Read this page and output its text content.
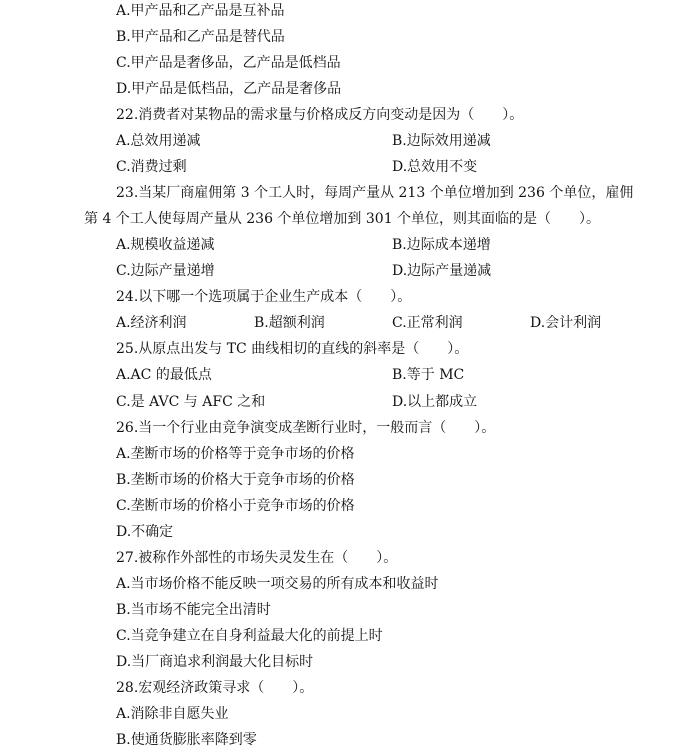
A.甲产品和乙产品是互补品
B.甲产品和乙产品是替代品
C.甲产品是奢侈品，乙产品是低档品
D.甲产品是低档品，乙产品是奢侈品
22.消费者对某物品的需求量与价格成反方向变动是因为（　　）。
A.总效用递减	B.边际效用递减
C.消费过剩	D.总效用不变
23.当某厂商雇佣第 3 个工人时，每周产量从 213 个单位增加到 236 个单位，雇佣
第 4 个工人使每周产量从 236 个单位增加到 301 个单位，则其面临的是（　　）。
A.规模收益递减	B.边际成本递增
C.边际产量递增	D.边际产量递减
24.以下哪一个选项属于企业生产成本（　　）。
A.经济利润	B.超额利润	C.正常利润	D.会计利润
25.从原点出发与 TC 曲线相切的直线的斜率是（　　）。
A.AC 的最低点	B.等于 MC
C.是 AVC 与 AFC 之和	D.以上都成立
26.当一个行业由竞争演变成垄断行业时，一般而言（　　）。
A.垄断市场的价格等于竞争市场的价格
B.垄断市场的价格大于竞争市场的价格
C.垄断市场的价格小于竞争市场的价格
D.不确定
27.被称作外部性的市场失灵发生在（　　）。
A.当市场价格不能反映一项交易的所有成本和收益时
B.当市场不能完全出清时
C.当竞争建立在自身利益最大化的前提上时
D.当厂商追求利润最大化目标时
28.宏观经济政策寻求（　　）。
A.消除非自愿失业
B.使通货膨胀率降到零
